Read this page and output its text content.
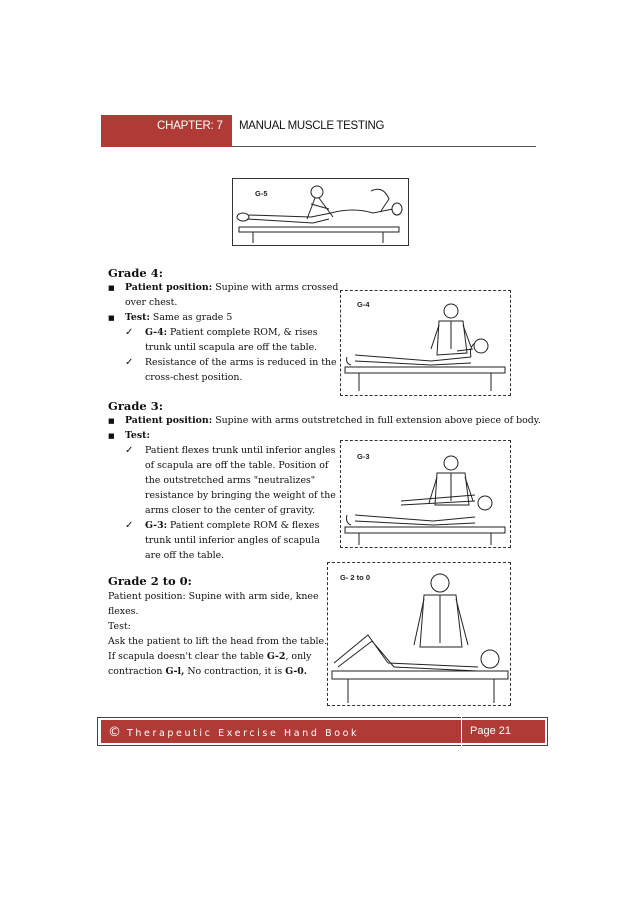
CHAPTER: 7 MANUAL MUSCLE TESTING
G-5
Grade 4:
■ Patient position: Supine with arms crossed
over chest.
■ Test: Same as grade 5
✓ G-4: Patient complete ROM, & rises
trunk until scapula are off the table.
✓ Resistance of the arms is reduced in the
cross-chest position.
G-4
Grade 3:
■ Patient position: Supine with arms outstretched in full extension above piece of body.
■ Test:
✓ Patient flexes trunk until inferior angles
of scapula are off the table. Position of
the outstretched arms "neutralizes"
resistance by bringing the weight of the
arms closer to the center of gravity.
✓ G-3: Patient complete ROM & flexes
trunk until inferior angles of scapula
are off the table.
G-3
Grade 2 to 0:
Patient position: Supine with arm side, knee
flexes.
Test:
Ask the patient to lift the head from the table.
If scapula doesn't clear the table G-2, only
contraction G-l, No contraction, it is G-0.
G- 2 to 0
© Therapeutic Exercise Hand Book	Page 21
